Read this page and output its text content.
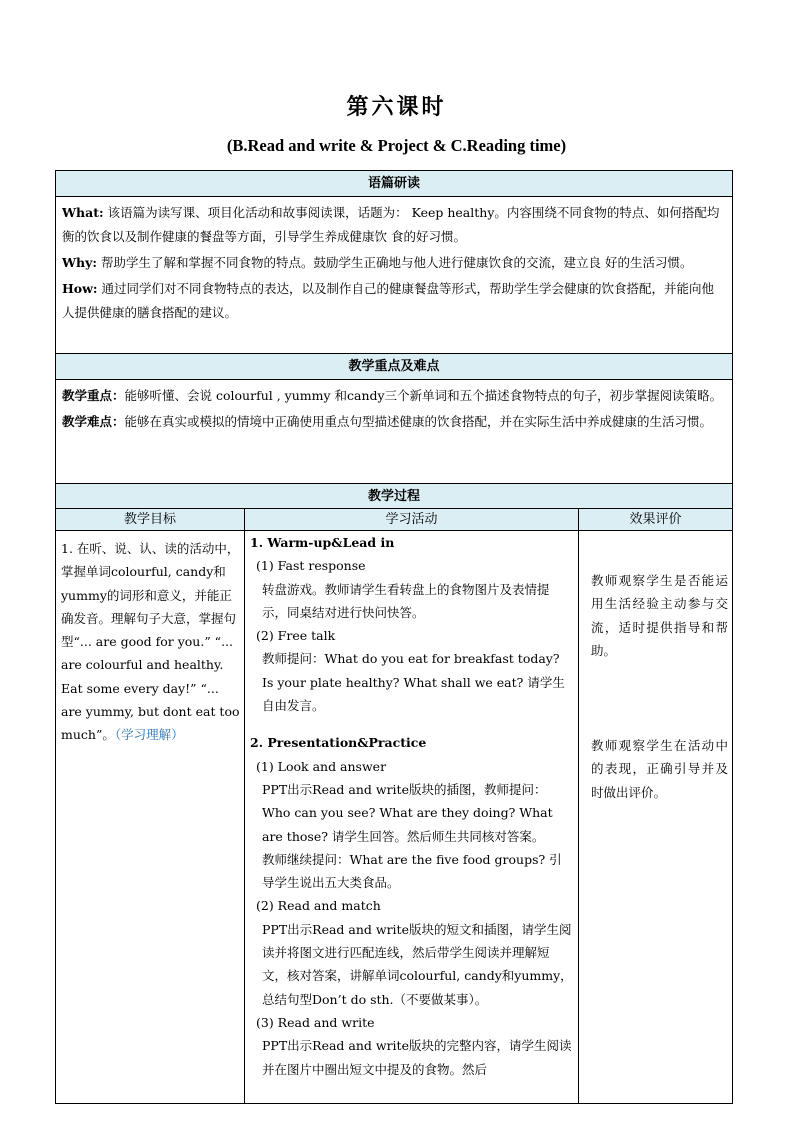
第六课时
(B.Read and write & Project & C.Reading time)
语篇研读

What: 该语篇为读写课、项目化活动和故事阅读课，话题为： Keep healthy。内容围绕不同食物的特点、如何搭配均衡的饮食以及制作健康的餐盘等方面，引导学生养成健康饮 食的好习惯。

Why: 帮助学生了解和掌握不同食物的特点。鼓励学生正确地与他人进行健康饮食的交流，建立良 好的生活习惯。

How: 通过同学们对不同食物特点的表达，以及制作自己的健康餐盘等形式，帮助学生学会健康的饮食搭配，并能向他人提供健康的膳食搭配的建议。

教学重点及难点

教学重点：能够听懂、会说 colourful , yummy 和candy三个新单词和五个描述食物特点的句子，初步掌握阅读策略。

教学难点：能够在真实或模拟的情境中正确使用重点句型描述健康的饮食搭配，并在实际生活中养成健康的生活习惯。

教学过程
教学目标	学习活动	效果评价
1. 在听、说、认、读的活动中，掌握单词colourful, candy和yummy的词形和意义，并能正确发音。理解句子大意，掌握句型“... are good for you.” “... are colourful and healthy. Eat some every day!” “... are yummy, but dont eat too much”。（学习理解）
1. Warm-up&Lead in
(1) Fast response
转盘游戏。教师请学生看转盘上的食物图片及表情提示，同桌结对进行快问快答。
(2) Free talk
教师提问：What do you eat for breakfast today? Is your plate healthy? What shall we eat? 请学生自由发言。
2. Presentation&Practice
(1) Look and answer
PPT出示Read and write版块的插图，教师提问：Who can you see? What are they doing? What are those? 请学生回答。然后师生共同核对答案。
教师继续提问：What are the five food groups? 引导学生说出五大类食品。
(2) Read and match
PPT出示Read and write版块的短文和插图，请学生阅读并将图文进行匹配连线，然后带学生阅读并理解短文，核对答案，讲解单词colourful, candy和yummy，总结句型Don’t do sth.（不要做某事）。
(3) Read and write
PPT出示Read and write版块的完整内容，请学生阅读并在图片中圈出短文中提及的食物。然后
教师观察学生是否能运用生活经验主动参与交流，适时提供指导和帮助。
教师观察学生在活动中的表现，正确引导并及时做出评价。
